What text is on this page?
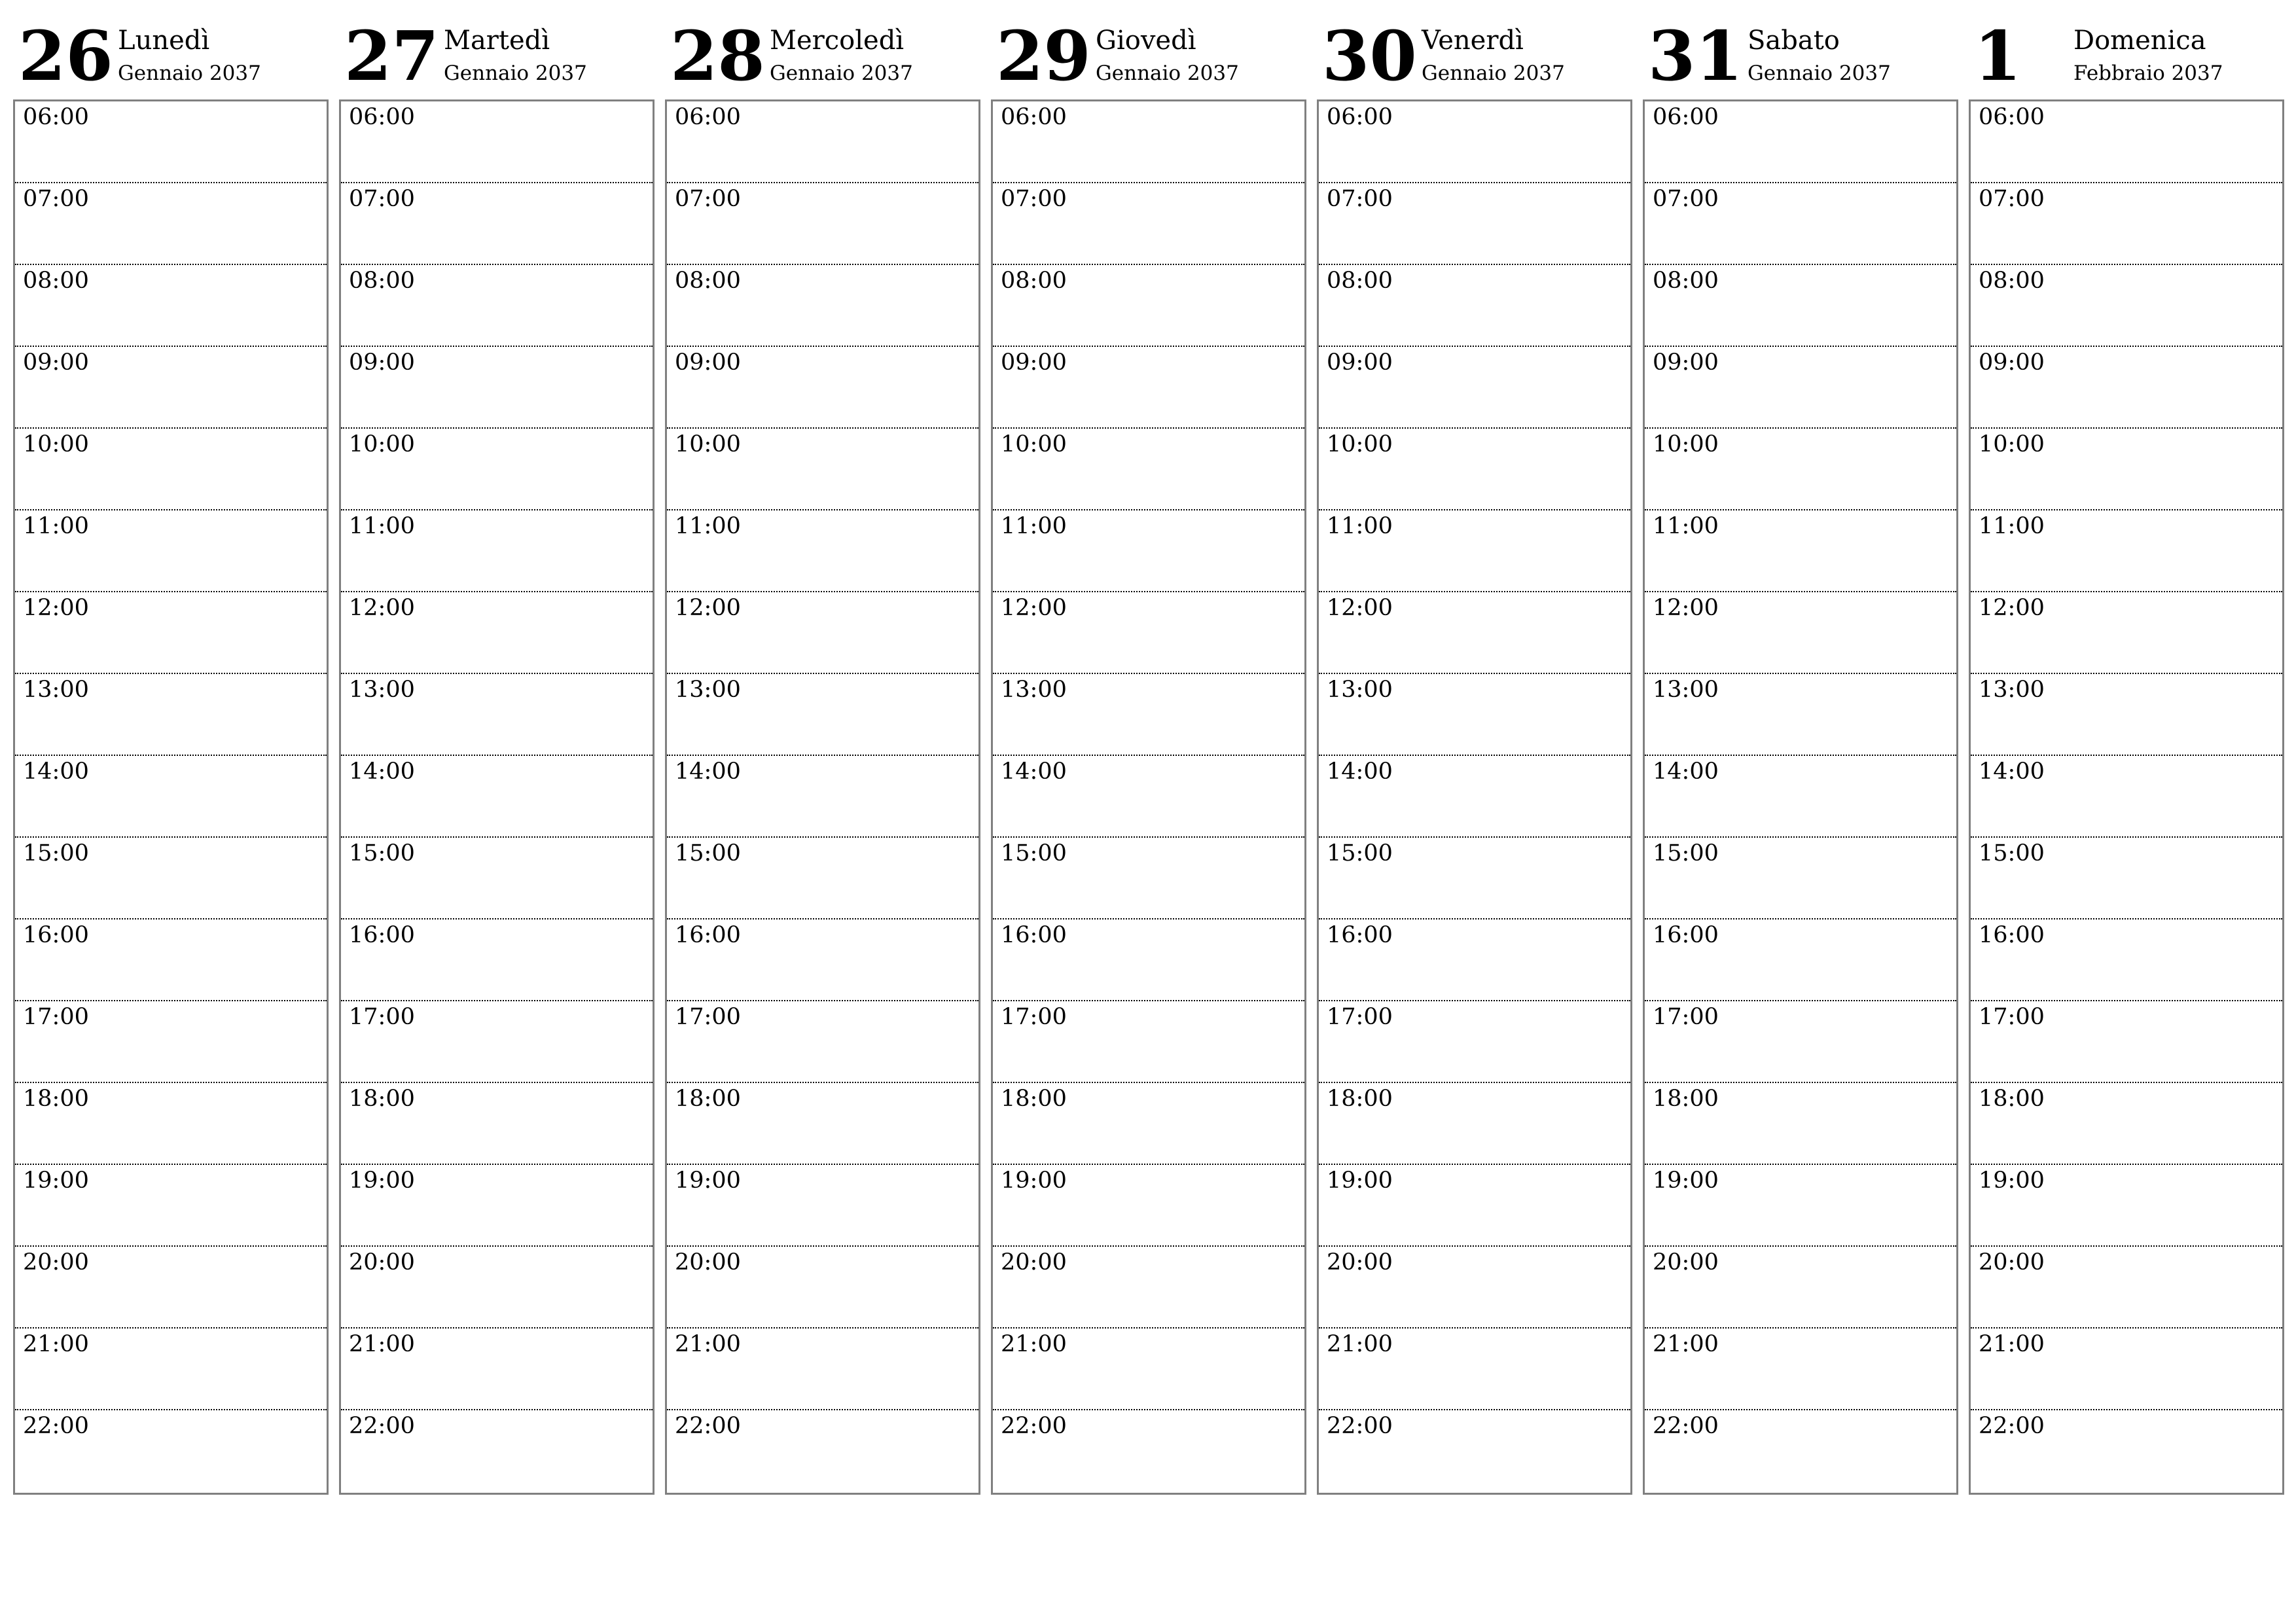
26 Lunedì
Gennaio 2037
06:00
07:00
08:00
09:00
10:00
11:00
12:00
13:00
14:00
15:00
16:00
17:00
18:00
19:00
20:00
21:00
22:00
27 Martedì
Gennaio 2037
06:00
07:00
08:00
09:00
10:00
11:00
12:00
13:00
14:00
15:00
16:00
17:00
18:00
19:00
20:00
21:00
22:00
28 Mercoledì
Gennaio 2037
06:00
07:00
08:00
09:00
10:00
11:00
12:00
13:00
14:00
15:00
16:00
17:00
18:00
19:00
20:00
21:00
22:00
29 Giovedì
Gennaio 2037
06:00
07:00
08:00
09:00
10:00
11:00
12:00
13:00
14:00
15:00
16:00
17:00
18:00
19:00
20:00
21:00
22:00
30 Venerdì
Gennaio 2037
06:00
07:00
08:00
09:00
10:00
11:00
12:00
13:00
14:00
15:00
16:00
17:00
18:00
19:00
20:00
21:00
22:00
31 Sabato
Gennaio 2037
06:00
07:00
08:00
09:00
10:00
11:00
12:00
13:00
14:00
15:00
16:00
17:00
18:00
19:00
20:00
21:00
22:00
1 Domenica
Febbraio 2037
06:00
07:00
08:00
09:00
10:00
11:00
12:00
13:00
14:00
15:00
16:00
17:00
18:00
19:00
20:00
21:00
22:00
